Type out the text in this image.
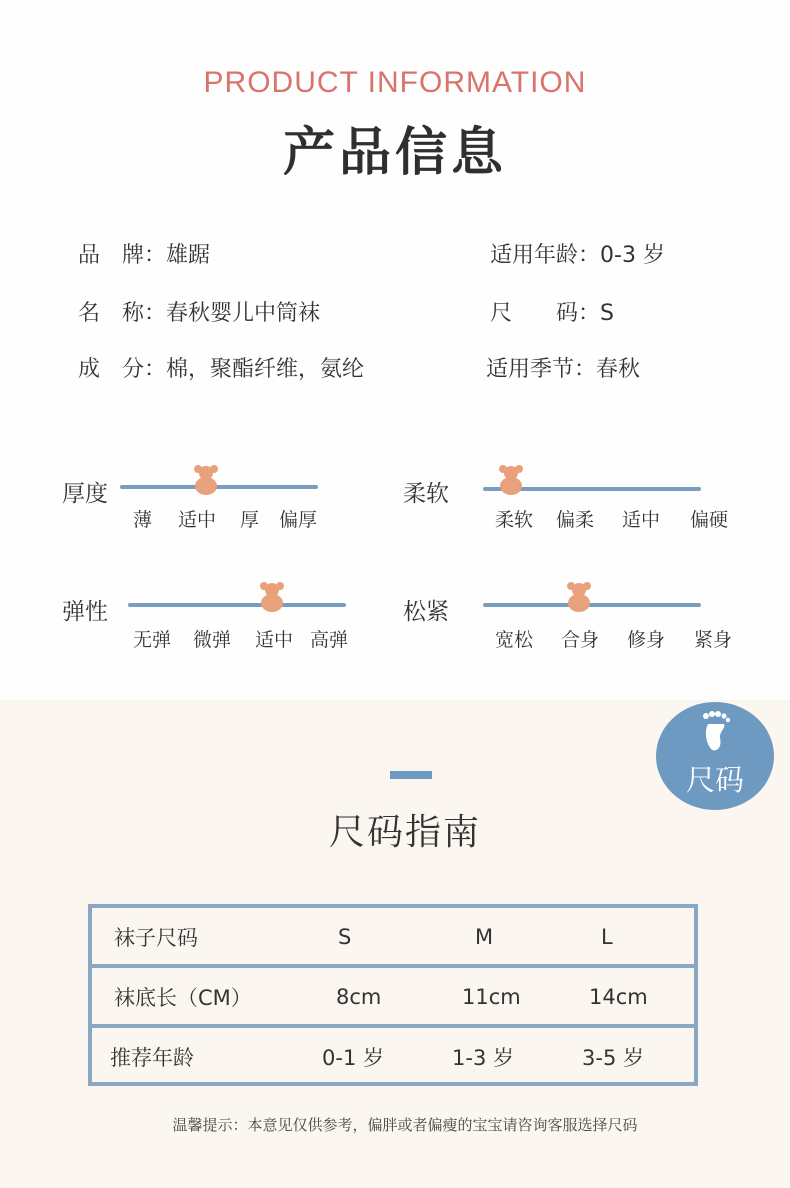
PRODUCT INFORMATION
产品信息
品　牌：雄踞	适用年龄：0-3 岁
名　称：春秋婴儿中筒袜	尺　　码：S
成　分：棉，聚酯纤维，氨纶	适用季节：春秋
厚度
薄 适中 厚 偏厚
柔软
柔软 偏柔 适中 偏硬
弹性
无弹 微弹 适中 高弹
松紧
宽松 合身 修身 紧身
尺码
尺码指南
袜子尺码	S	M	L
袜底长（CM）	8cm	11cm	14cm
推荐年龄	0-1 岁	1-3 岁	3-5 岁
温馨提示：本意见仅供参考，偏胖或者偏瘦的宝宝请咨询客服选择尺码
